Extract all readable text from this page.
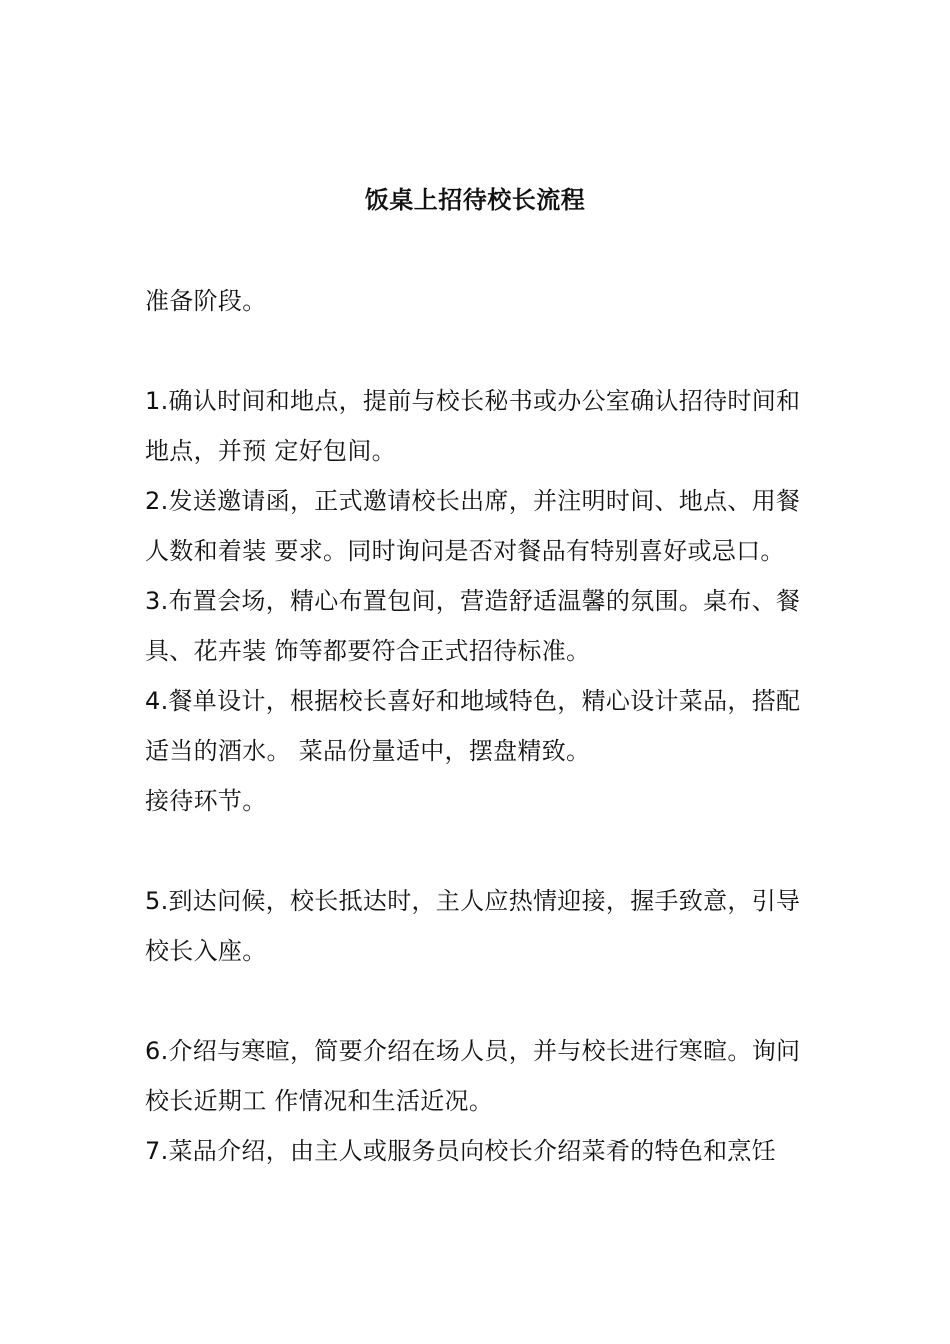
饭桌上招待校长流程

准备阶段。

1.确认时间和地点，提前与校长秘书或办公室确认招待时间和地点，并预 定好包间。

2.发送邀请函，正式邀请校长出席，并注明时间、地点、用餐人数和着装 要求。同时询问是否对餐品有特别喜好或忌口。

3.布置会场，精心布置包间，营造舒适温馨的氛围。桌布、餐具、花卉装 饰等都要符合正式招待标准。

4.餐单设计，根据校长喜好和地域特色，精心设计菜品，搭配适当的酒水。 菜品份量适中，摆盘精致。

接待环节。

5.到达问候，校长抵达时，主人应热情迎接，握手致意，引导校长入座。

6.介绍与寒暄，简要介绍在场人员，并与校长进行寒暄。询问校长近期工 作情况和生活近况。

7.菜品介绍，由主人或服务员向校长介绍菜肴的特色和烹饪
